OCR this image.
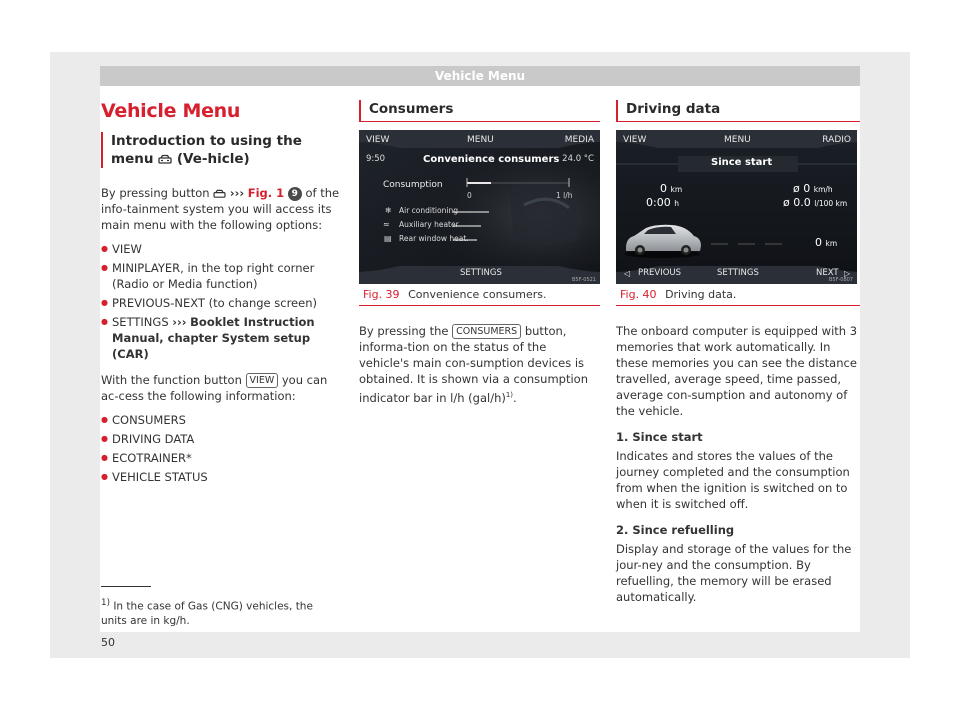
Vehicle Menu
Vehicle Menu
Introduction to using the menu (Ve-hicle)

By pressing button ››› Fig. 1 9 of the info-tainment system you will access its main menu with the following options:

● VIEW
● MINIPLAYER, in the top right corner (Radio or Media function)
● PREVIOUS-NEXT (to change screen)
● SETTINGS ››› Booklet Instruction Manual, chapter System setup (CAR)

With the function button VIEW you can ac-cess the following information:

● CONSUMERS
● DRIVING DATA
● ECOTRAINER*
● VEHICLE STATUS
$^{1)}$ In the case of Gas (CNG) vehicles, the units are in kg/h.
50
Consumers
VIEW	MENU	MEDIA
9:50	Convenience consumers 24.0 °C
Consumption
0	1 l/h
❄ Air conditioning
≈ Auxiliary heater
▤ Rear window heat.
SETTINGS
B5F-0521
Fig. 39 Convenience consumers.

By pressing the CONSUMERS button, informa-tion on the status of the vehicle's main con-sumption devices is obtained. It is shown via a consumption indicator bar in l/h $(gal/h)^{1)}$.

Driving data
VIEW	MENU	RADIO
Since start
0 km
0:00 h
ø 0 km/h
ø 0.0 l/100 km
0 km
◁ PREVIOUS	SETTINGS	NEXT ▷
B5F-0807
Fig. 40 Driving data.

The onboard computer is equipped with 3 memories that work automatically. In these memories you can see the distance travelled, average speed, time passed, average con-sumption and autonomy of the vehicle.

1. Since start

Indicates and stores the values of the journey completed and the consumption from when the ignition is switched on to when it is switched off.

2. Since refuelling

Display and storage of the values for the jour-ney and the consumption. By refuelling, the memory will be erased automatically.
